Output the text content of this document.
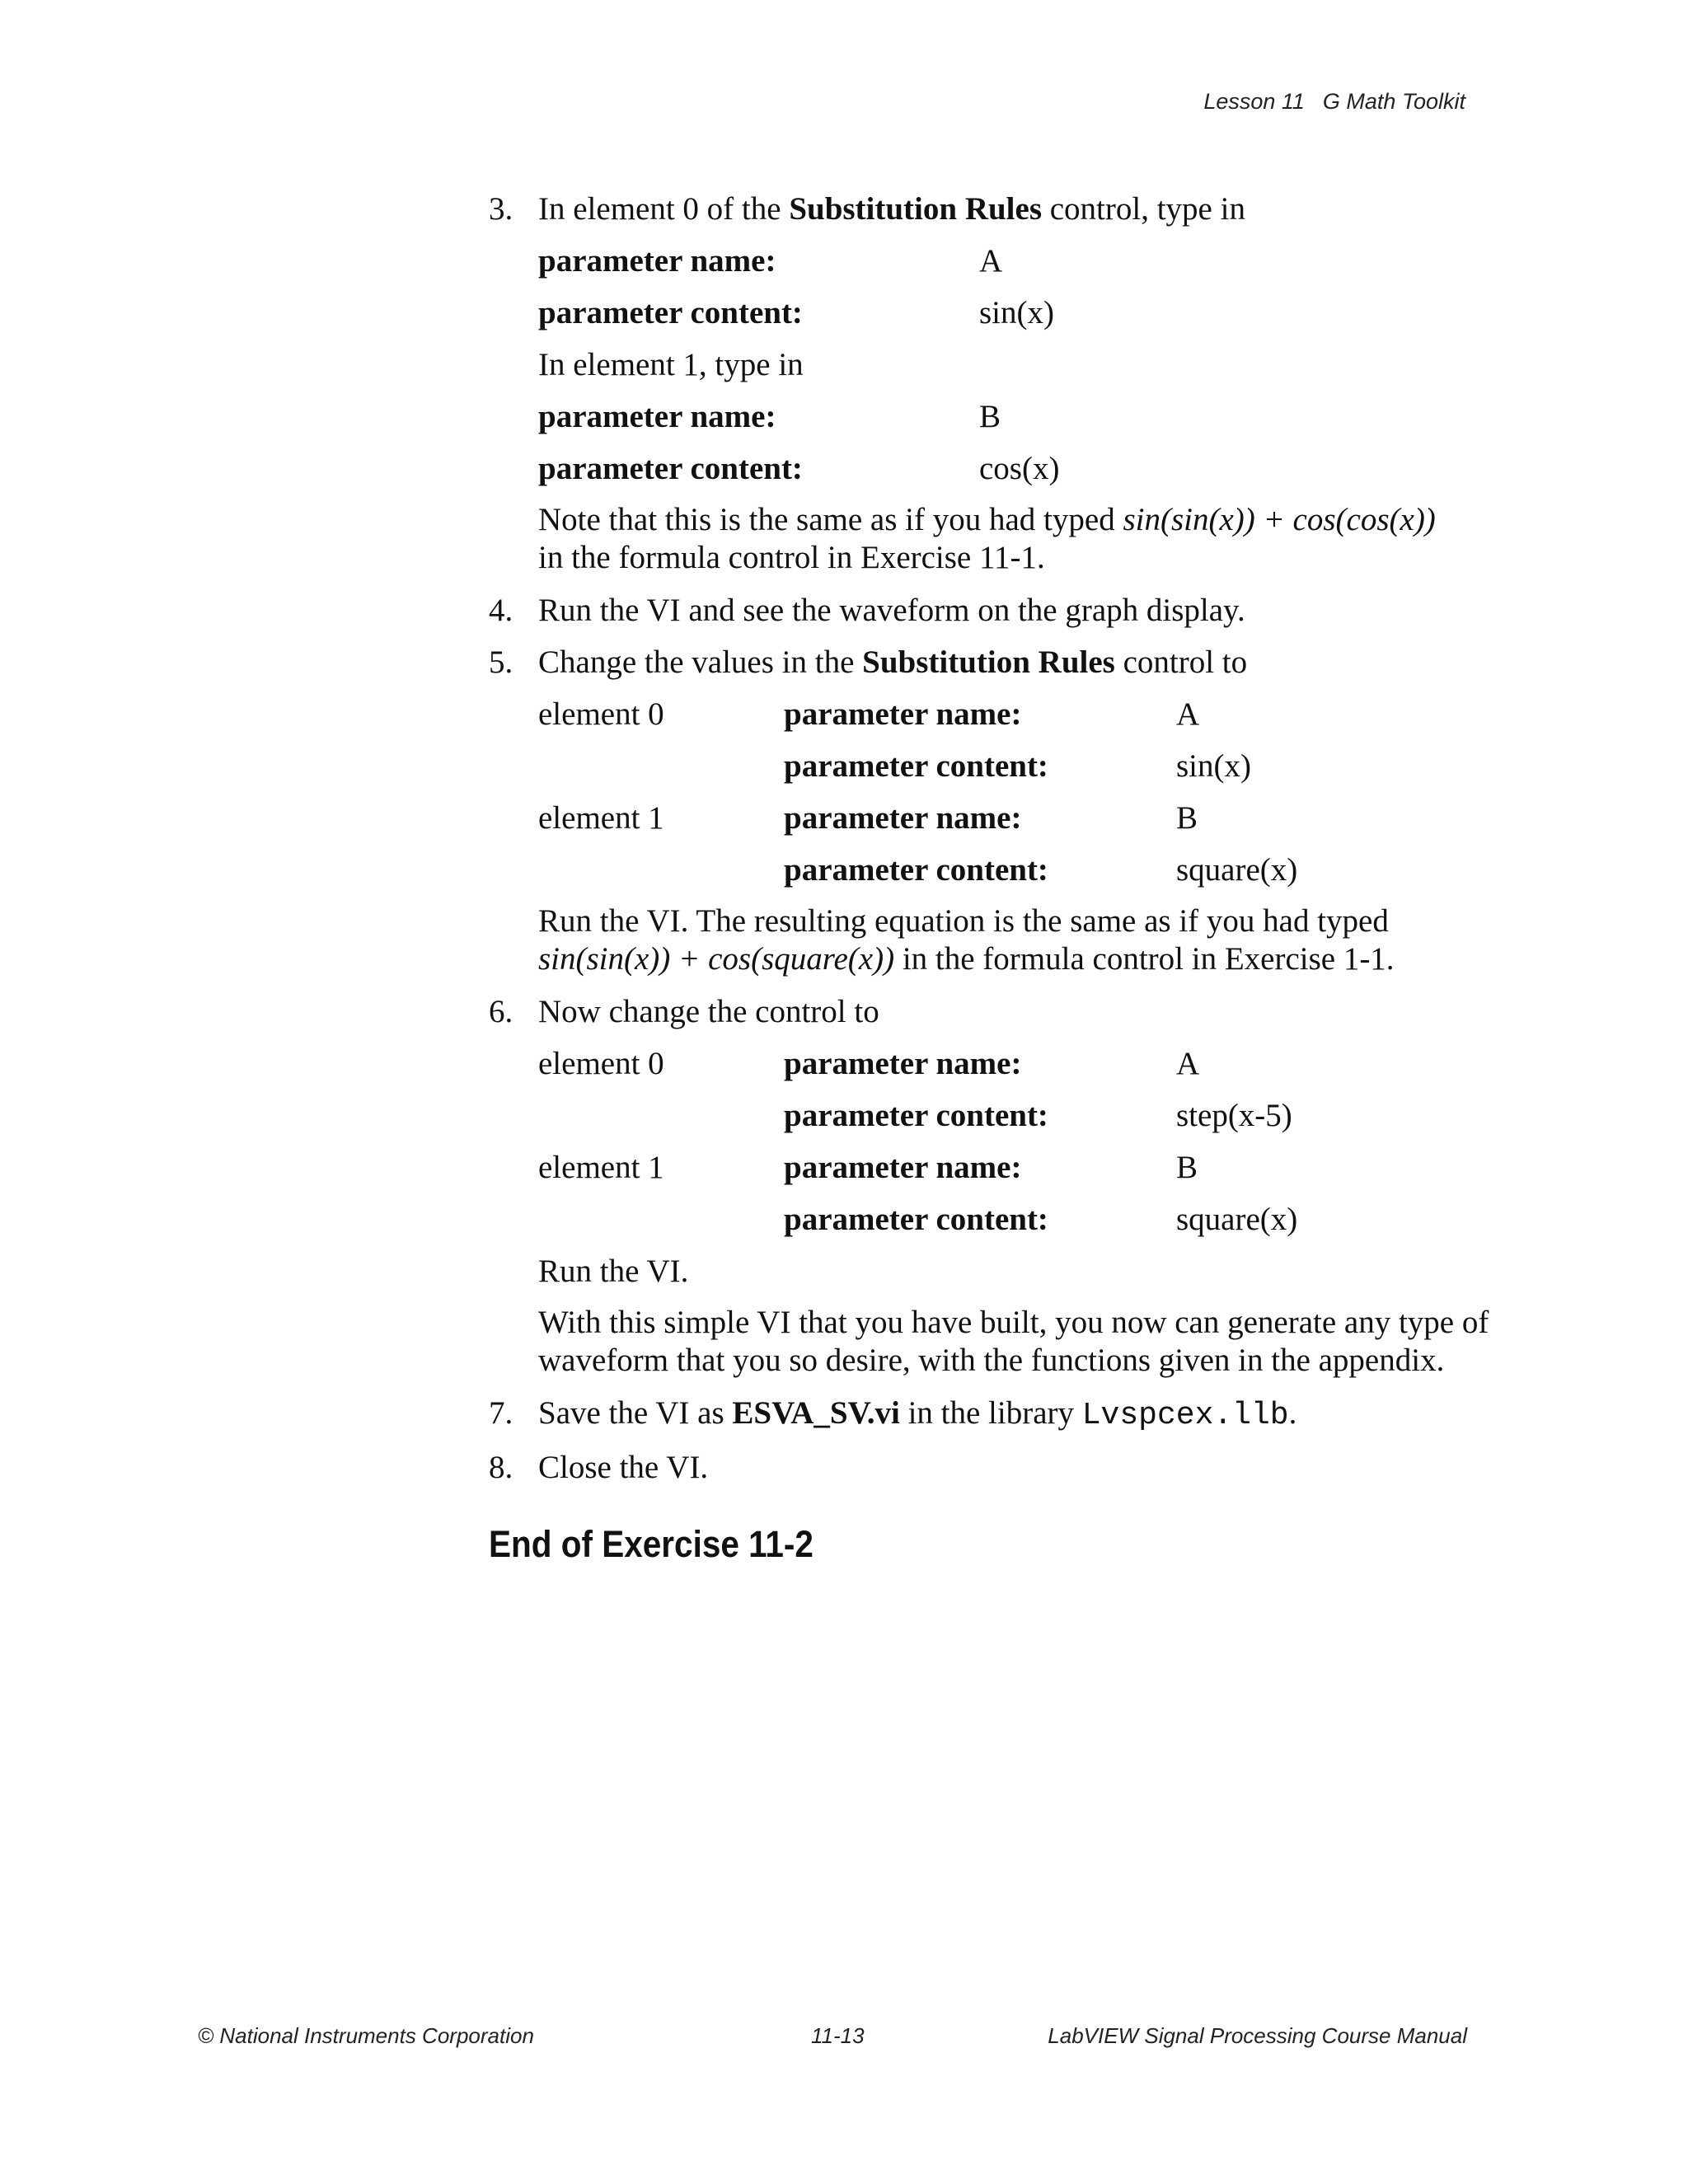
Lesson 11 G Math Toolkit
3. In element 0 of the Substitution Rules control, type in
parameter name:	A
parameter content:	sin(x)
In element 1, type in
parameter name:	B
parameter content:	cos(x)
Note that this is the same as if you had typed sin(sin(x)) + cos(cos(x))
in the formula control in Exercise 11-1.
4. Run the VI and see the waveform on the graph display.
5. Change the values in the Substitution Rules control to
element 0	parameter name:	A
parameter content:	sin(x)
element 1	parameter name:	B
parameter content:	square(x)
Run the VI. The resulting equation is the same as if you had typed
sin(sin(x)) + cos(square(x)) in the formula control in Exercise 1-1.
6. Now change the control to
element 0	parameter name:	A
parameter content:	step(x-5)
element 1	parameter name:	B
parameter content:	square(x)
Run the VI.
With this simple VI that you have built, you now can generate any type of waveform that you so desire, with the functions given in the appendix.
7. Save the VI as ESVA_SV.vi in the library Lvspcex.llb.
8. Close the VI.
End of Exercise 11-2
© National Instruments Corporation	11-13	LabVIEW Signal Processing Course Manual
